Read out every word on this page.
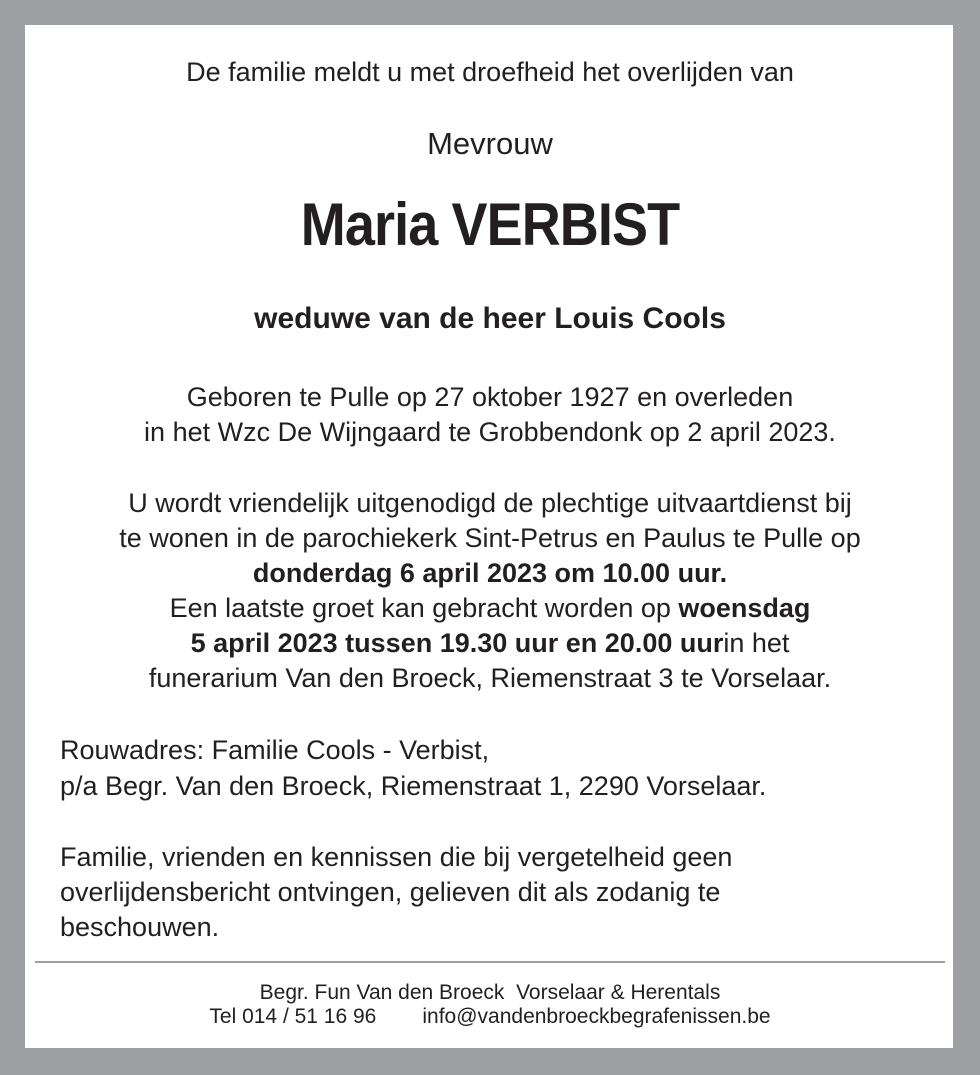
De familie meldt u met droefheid het overlijden van
Mevrouw
Maria VERBIST
weduwe van de heer Louis Cools
Geboren te Pulle op 27 oktober 1927 en overleden
in het Wzc De Wijngaard te Grobbendonk op 2 april 2023.
U wordt vriendelijk uitgenodigd de plechtige uitvaartdienst bij
te wonen in de parochiekerk Sint-Petrus en Paulus te Pulle op
donderdag 6 april 2023 om 10.00 uur.
Een laatste groet kan gebracht worden op woensdag
5 april 2023 tussen 19.30 uur en 20.00 uurin het
funerarium Van den Broeck, Riemenstraat 3 te Vorselaar.
Rouwadres: Familie Cools - Verbist,
p/a Begr. Van den Broeck, Riemenstraat 1, 2290 Vorselaar.
Familie, vrienden en kennissen die bij vergetelheid geen
overlijdensbericht ontvingen, gelieven dit als zodanig te
beschouwen.
Begr. Fun Van den Broeck  Vorselaar & Herentals
Tel 014 / 51 16 96 info@vandenbroeckbegrafenissen.be
